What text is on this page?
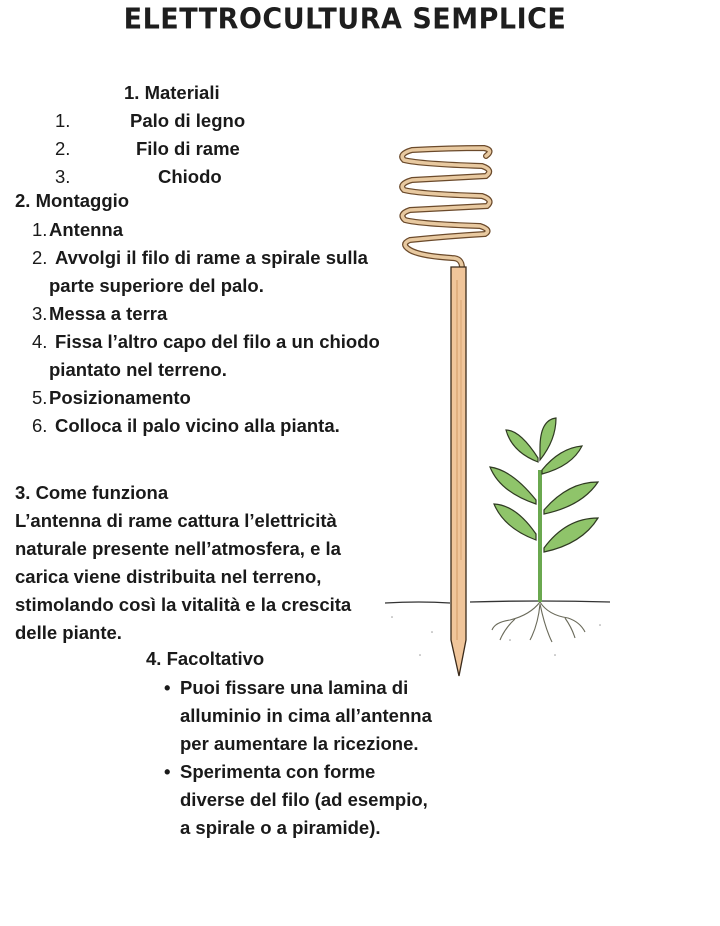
ELETTROCULTURA SEMPLICE
1. Materiali
1.	Palo di legno
2.	Filo di rame
3.	Chiodo
2. Montaggio
1. Antenna
2. Avvolgi il filo di rame a spirale sulla
parte superiore del palo.
3. Messa a terra
4. Fissa l’altro capo del filo a un chiodo
piantato nel terreno.
5. Posizionamento
6. Colloca il palo vicino alla pianta.
3. Come funziona
L’antenna di rame cattura l’elettricità
naturale presente nell’atmosfera, e la
carica viene distribuita nel terreno,
stimolando così la vitalità e la crescita
delle piante.
4. Facoltativo
• Puoi fissare una lamina di
alluminio in cima all’antenna
per aumentare la ricezione.
• Sperimenta con forme
diverse del filo (ad esempio,
a spirale o a piramide).
